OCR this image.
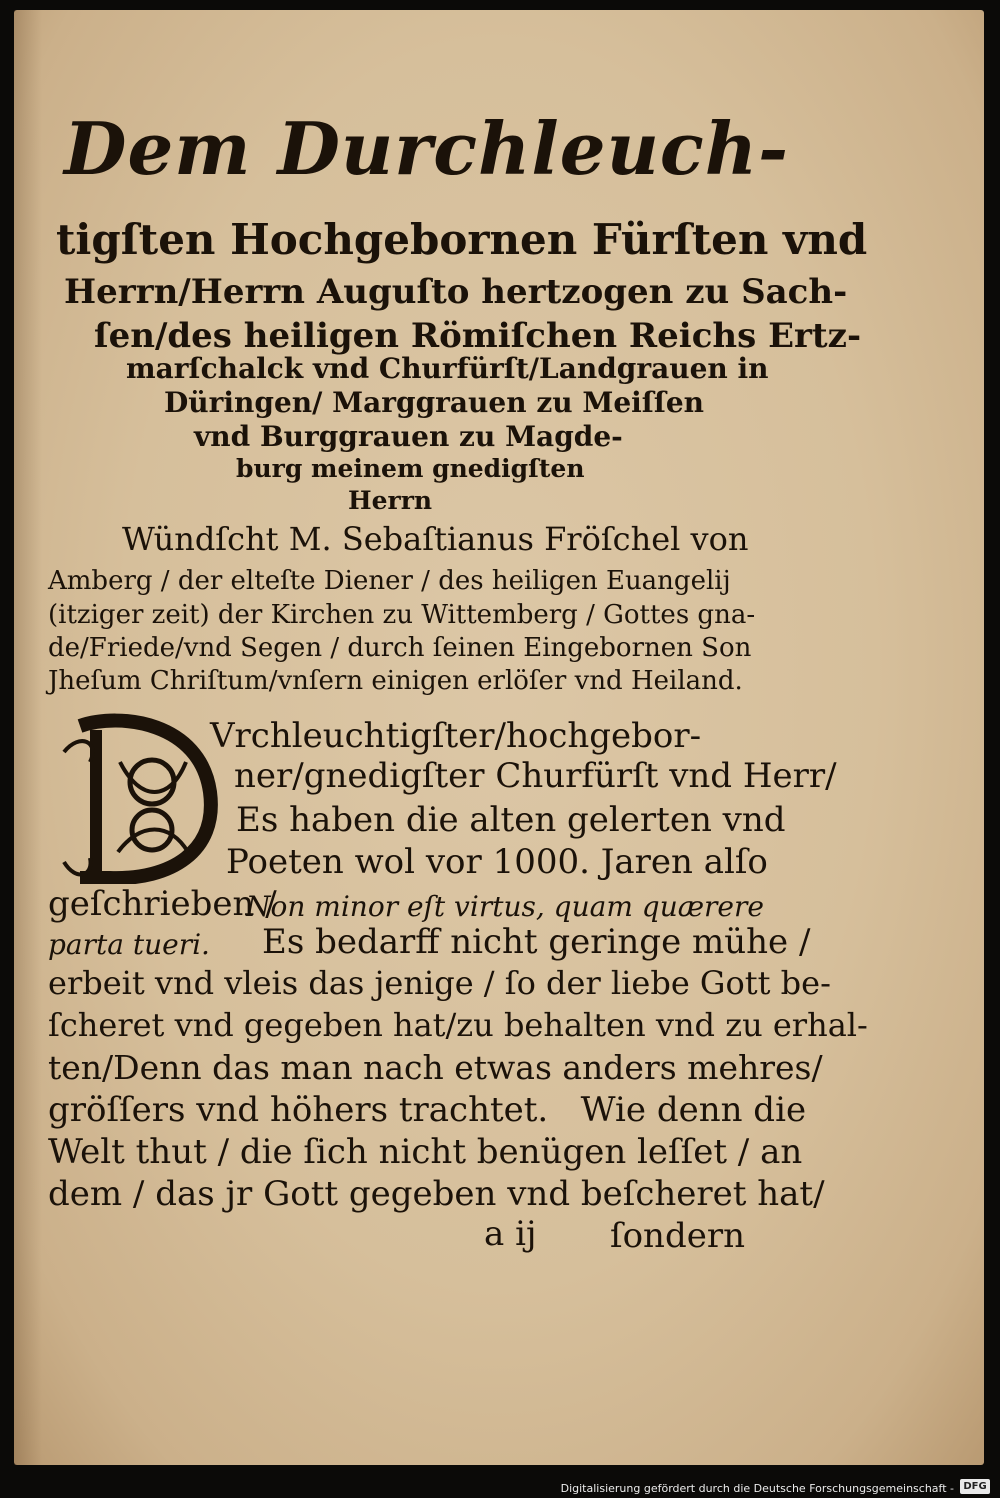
Dem Durchleuch-
tigſten Hochgebornen Fürſten vnd
Herrn/Herrn Auguſto hertzogen zu Sach-
ſen/des heiligen Römiſchen Reichs Ertz-
marſchalck vnd Churfürſt/Landgrauen in
Düringen/ Marggrauen zu Meiſſen
vnd Burggrauen zu Magde-
burg meinem gnedigſten
Herrn
Wündſcht M. Sebaſtianus Fröſchel von
Amberg / der elteſte Diener / des heiligen Euangelij
(itziger zeit) der Kirchen zu Wittemberg / Gottes gna-
de/Friede/vnd Segen / durch ſeinen Eingebornen Son
Jheſum Chriſtum/vnſern einigen erlöſer vnd Heiland.
Vrchleuchtigſter/hochgebor-
ner/gnedigſter Churfürſt vnd Herr/
Es haben die alten gelerten vnd
Poeten wol vor 1000. Jaren alſo
geſchrieben /
Non minor eſt virtus, quam quærere
parta tueri. Es bedarff nicht geringe mühe /
erbeit vnd vleis das jenige / ſo der liebe Gott be-
ſcheret vnd gegeben hat/zu behalten vnd zu erhal-
ten/Denn das man nach etwas anders mehres/
gröſſers vnd höhers trachtet.   Wie denn die
Welt thut / die ſich nicht benügen leſſet / an
dem / das jr Gott gegeben vnd beſcheret hat/
a ij ſondern
Digitalisierung gefördert durch die Deutsche Forschungsgemeinschaft - DFG
